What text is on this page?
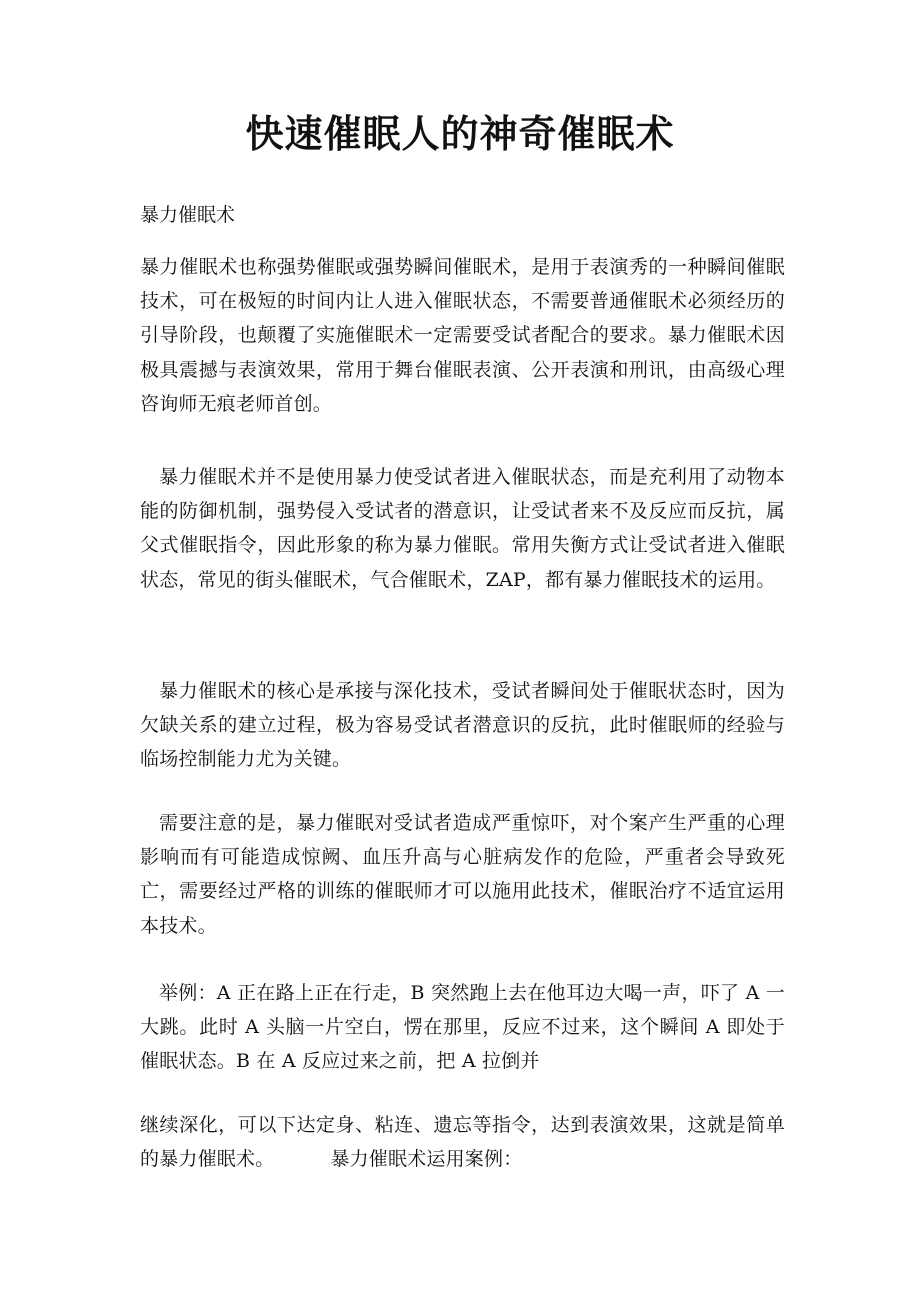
快速催眠人的神奇催眠术
暴力催眠术
暴力催眠术也称强势催眠或强势瞬间催眠术，是用于表演秀的一种瞬间催眠技术，可在极短的时间内让人进入催眠状态，不需要普通催眠术必须经历的引导阶段，也颠覆了实施催眠术一定需要受试者配合的要求。暴力催眠术因极具震撼与表演效果，常用于舞台催眠表演、公开表演和刑讯，由高级心理咨询师无痕老师首创。
暴力催眠术并不是使用暴力使受试者进入催眠状态，而是充利用了动物本能的防御机制，强势侵入受试者的潜意识，让受试者来不及反应而反抗，属父式催眠指令，因此形象的称为暴力催眠。常用失衡方式让受试者进入催眠状态，常见的街头催眠术，气合催眠术，ZAP，都有暴力催眠技术的运用。
暴力催眠术的核心是承接与深化技术，受试者瞬间处于催眠状态时，因为欠缺关系的建立过程，极为容易受试者潜意识的反抗，此时催眠师的经验与临场控制能力尤为关键。
需要注意的是，暴力催眠对受试者造成严重惊吓，对个案产生严重的心理影响而有可能造成惊阙、血压升高与心脏病发作的危险，严重者会导致死亡，需要经过严格的训练的催眠师才可以施用此技术，催眠治疗不适宜运用本技术。
举例：A 正在路上正在行走，B 突然跑上去在他耳边大喝一声，吓了 A 一大跳。此时 A 头脑一片空白，愣在那里，反应不过来，这个瞬间 A 即处于催眠状态。B 在 A 反应过来之前，把 A 拉倒并
继续深化，可以下达定身、粘连、遗忘等指令，达到表演效果，这就是简单的暴力催眠术。	暴力催眠术运用案例：
